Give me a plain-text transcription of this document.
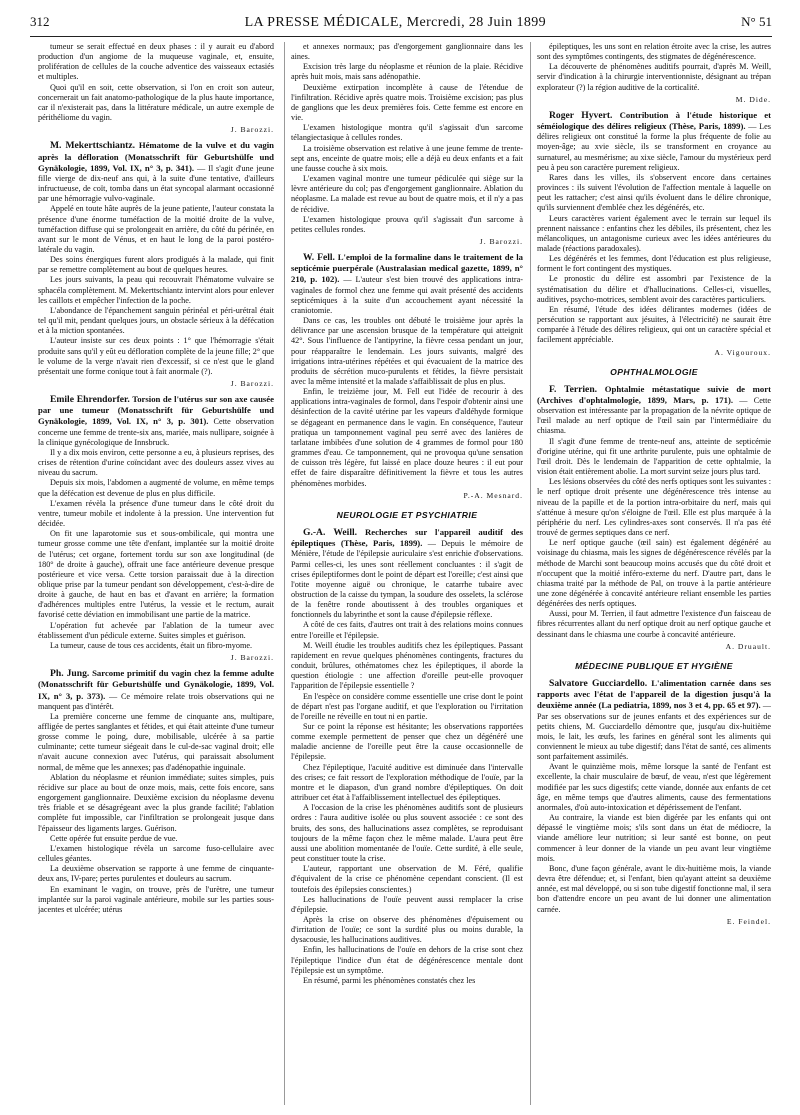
312	LA PRESSE MÉDICALE, Mercredi, 28 Juin 1899	N° 51

tumeur se serait effectué en deux phases : il y aurait eu d'abord production d'un angiome de la muqueuse vaginale, et, ensuite, prolifération de cellules de la couche adventice des vaisseaux ectasiés et multiples.

Quoi qu'il en soit, cette observation, si l'on en croit son auteur, concernerait un fait anatomo-pathologique de la plus haute importance, car il n'existerait pas, dans la littérature médicale, un autre exemple de périthéliome du vagin.

J. Barozzi.

M. Mekerttschiantz. Hématome de la vulve et du vagin après la défloration (Monatsschrift für Geburtshülfe und Gynäkologie, 1899, Vol. IX, n° 3, p. 341). — Il s'agit d'une jeune fille vierge de dix-neuf ans qui, à la suite d'une tentative, d'ailleurs infructueuse, de coït, tomba dans un état syncopal alarmant occasionné par une hémorragie vulvo-vaginale.

Appelé en toute hâte auprès de la jeune patiente, l'auteur constata la présence d'une énorme tuméfaction de la moitié droite de la vulve, tuméfaction diffuse qui se prolongeait en arrière, du côté du périnée, en avant sur le mont de Vénus, et en haut le long de la paroi postéro-latérale du vagin.

Des soins énergiques furent alors prodigués à la malade, qui finit par se remettre complètement au bout de quelques heures.

Les jours suivants, la peau qui recouvrait l'hématome vulvaire se sphacéla complètement. M. Mekerttschiantz intervint alors pour enlever les caillots et empêcher l'infection de la poche.

L'abondance de l'épanchement sanguin périnéal et péri-urétral était tel qu'il mit, pendant quelques jours, un obstacle sérieux à la défécation et à la miction spontanées.

L'auteur insiste sur ces deux points : 1° que l'hémorragie s'était produite sans qu'il y eût eu défloration complète de la jeune fille; 2° que le volume de la verge n'avait rien d'excessif, si ce n'est que le gland présentait une forme conique tout à fait anormale (?).

J. Barozzi.

Emile Ehrendorfer. Torsion de l'utérus sur son axe causée par une tumeur (Monatsschrift für Geburtshülfe und Gynäkologie, 1899, Vol. IX, n° 3, p. 301). Cette observation concerne une femme de trente-six ans, mariée, mais nullipare, soignée à la clinique gynécologique de Innsbruck.

Il y a dix mois environ, cette personne a eu, à plusieurs reprises, des crises de rétention d'urine coïncidant avec des douleurs assez vives au niveau du sacrum.

Depuis six mois, l'abdomen a augmenté de volume, en même temps que la défécation est devenue de plus en plus difficile.

L'examen révèla la présence d'une tumeur dans le côté droit du ventre, tumeur mobile et indolente à la pression. Une intervention fut décidée.

On fit une laparotomie sus et sous-ombilicale, qui montra une tumeur grosse comme une tête d'enfant, implantée sur la moitié droite de l'utérus; cet organe, fortement tordu sur son axe longitudinal (de 180° de droite à gauche), offrait une face antérieure devenue presque postérieure et vice versa. Cette torsion paraissait due à la direction oblique prise par la tumeur pendant son développement, c'est-à-dire de droite à gauche, de haut en bas et d'avant en arrière; la formation d'adhérences multiples entre l'utérus, la vessie et le rectum, aurait favorisé cette déviation en immobilisant une partie de la matrice.

L'opération fut achevée par l'ablation de la tumeur avec établissement d'un pédicule externe. Suites simples et guérison.

La tumeur, cause de tous ces accidents, était un fibro-myome.

J. Barozzi.

Ph. Jung. Sarcome primitif du vagin chez la femme adulte (Monatsschrift für Geburtshülfe und Gynäkologie, 1899, Vol. IX, n° 3, p. 373). — Ce mémoire relate trois observations qui ne manquent pas d'intérêt.

La première concerne une femme de cinquante ans, multipare, affligée de pertes sanglantes et fétides, et qui était atteinte d'une tumeur grosse comme le poing, dure, mobilisable, ulcérée à sa partie culminante; cette tumeur siégeait dans le cul-de-sac vaginal droit; elle n'avait aucune connexion avec l'utérus, qui paraissait absolument normal, de même que les annexes; pas d'adénopathie inguinale.

Ablation du néoplasme et réunion immédiate; suites simples, puis récidive sur place au bout de onze mois, mais, cette fois encore, sans engorgement ganglionnaire. Deuxième excision du néoplasme devenu très friable et se désagrégeant avec la plus grande facilité; l'ablation complète fut impossible, car l'infiltration se prolongeait jusque dans l'épaisseur des ligaments larges. Guérison.

Cette opérée fut ensuite perdue de vue.

L'examen histologique révèla un sarcome fuso-cellulaire avec cellules géantes.

La deuxième observation se rapporte à une femme de cinquante-deux ans, IV-pare; pertes purulentes et douleurs au sacrum.

En examinant le vagin, on trouve, près de l'urètre, une tumeur implantée sur la paroi vaginale antérieure, mobile sur les parties sous-jacentes et ulcérée; utérus

et annexes normaux; pas d'engorgement ganglionnaire dans les aines.

Excision très large du néoplasme et réunion de la plaie. Récidive après huit mois, mais sans adénopathie.

Deuxième extirpation incomplète à cause de l'étendue de l'infiltration. Récidive après quatre mois. Troisième excision; pas plus de ganglions que les deux premières fois. Cette femme est encore en vie.

L'examen histologique montra qu'il s'agissait d'un sarcome télangiectasique à cellules rondes.

La troisième observation est relative à une jeune femme de trente-sept ans, enceinte de quatre mois; elle a déjà eu deux enfants et a fait une fausse couche à six mois.

L'examen vaginal montre une tumeur pédiculée qui siège sur la lèvre antérieure du col; pas d'engorgement ganglionnaire. Ablation du néoplasme. La malade est revue au bout de quatre mois, et il n'y a pas de récidive.

L'examen histologique prouva qu'il s'agissait d'un sarcome à petites cellules rondes.

J. Barozzi.

W. Fell. L'emploi de la formaline dans le traitement de la septicémie puerpérale (Australasian medical gazette, 1899, n° 210, p. 102). — L'auteur s'est bien trouvé des applications intra-vaginales de formol chez une femme qui avait présenté des accidents septicémiques à la suite d'un accouchement ayant nécessité la craniotomie.

Dans ce cas, les troubles ont débuté le troisième jour après la délivrance par une ascension brusque de la température qui atteignit 42°. Sous l'influence de l'antipyrine, la fièvre cessa pendant un jour, pour réapparaître le lendemain. Les jours suivants, malgré des irrigations intra-utérines répétées et qui évacuaient de la matrice des produits de sécrétion muco-purulents et fétides, la fièvre persistait avec la même intensité et la malade s'affaiblissait de plus en plus.

Enfin, le treizième jour, M. Fell eut l'idée de recourir à des applications intra-vaginales de formol, dans l'espoir d'obtenir ainsi une désinfection de la cavité utérine par les vapeurs d'aldéhyde formique se dégageant en permanence dans le vagin. En conséquence, l'auteur pratiqua un tamponnement vaginal peu serré avec des lanières de tarlatane imbibées d'une solution de 4 grammes de formol pour 180 grammes d'eau. Ce tamponnement, qui ne provoqua qu'une sensation de cuisson très légère, fut laissé en place douze heures : il eut pour effet de faire disparaître définitivement la fièvre et tous les autres phénomènes morbides.

P.-A. Mesnard.
NEUROLOGIE ET PSYCHIATRIE

G.-A. Weill. Recherches sur l'appareil auditif des épileptiques (Thèse, Paris, 1899). — Depuis le mémoire de Ménière, l'étude de l'épilepsie auriculaire s'est enrichie d'observations. Parmi celles-ci, les unes sont réellement concluantes : il s'agit de crises épileptiformes dont le point de départ est l'oreille; c'est ainsi que l'otite moyenne aiguë ou chronique, le catarrhe tubaire avec obstruction de la caisse du tympan, la soudure des osselets, la sclérose de la fenêtre ronde aboutissent à des troubles organiques et fonctionnels du labyrinthe et sont la cause d'épilepsie réflexe.

A côté de ces faits, d'autres ont trait à des relations moins connues entre l'oreille et l'épilepsie.

M. Weill étudie les troubles auditifs chez les épileptiques. Passant rapidement en revue quelques phénomènes contingents, fractures du conduit, brûlures, othématomes chez les épileptiques, il aborde la question étiologie : une affection d'oreille peut-elle provoquer l'apparition de l'épilepsie essentielle ?

En l'espèce on considère comme essentielle une crise dont le point de départ n'est pas l'organe auditif, et que l'exploration ou l'irritation de l'oreille ne réveille en tout ni en partie.

Sur ce point la réponse est hésitante; les observations rapportées comme exemple permettent de penser que chez un dégénéré une maladie ancienne de l'oreille peut être la cause occasionnelle de l'épilepsie.

Chez l'épileptique, l'acuité auditive est diminuée dans l'intervalle des crises; ce fait ressort de l'exploration méthodique de l'ouïe, par la montre et le diapason, d'un grand nombre d'épileptiques. On doit attribuer cet état à l'affaiblissement intellectuel des épileptiques.

A l'occasion de la crise les phénomènes auditifs sont de plusieurs ordres : l'aura auditive isolée ou plus souvent associée : ce sont des bruits, des sons, des hallucinations assez complètes, se reproduisant toujours de la même façon chez le même malade. L'aura peut être aussi une abolition momentanée de l'ouïe. Cette surdité, à elle seule, peut constituer toute la crise.

L'auteur, rapportant une observation de M. Féré, qualifie d'équivalent de la crise ce phénomène cependant conscient. (Il est toutefois des épilepsies conscientes.)

Les hallucinations de l'ouïe peuvent aussi remplacer la crise d'épilepsie.

Après la crise on observe des phénomènes d'épuisement ou d'irritation de l'ouïe; ce sont la surdité plus ou moins durable, la dysacousie, les hallucinations auditives.

Enfin, les hallucinations de l'ouïe en dehors de la crise sont chez l'épileptique l'indice d'un état de dégénérescence mentale dont l'épilepsie est un symptôme.

En résumé, parmi les phénomènes constatés chez les

épileptiques, les uns sont en relation étroite avec la crise, les autres sont des symptômes contingents, des stigmates de dégénérescence.

La découverte de phénomènes auditifs pourrait, d'après M. Weill, servir d'indication à la chirurgie interventionniste, désignant au trépan explorateur (?) la région auditive de la corticalité.

M. Dide.

Roger Hyvert. Contribution à l'étude historique et séméiologique des délires religieux (Thèse, Paris, 1899). — Les délires religieux ont constitué la forme la plus fréquente de folie au moyen-âge; au xvie siècle, ils se transforment en croyance au surnaturel, au mesmérisme; au xixe siècle, l'amour du mystérieux perd peu à peu son caractère purement religieux.

Rares dans les villes, ils s'observent encore dans certaines provinces : ils suivent l'évolution de l'affection mentale à laquelle on peut les rattacher; c'est ainsi qu'ils évoluent dans le délire chronique, qu'ils surviennent d'emblée chez les dégénérés, etc.

Leurs caractères varient également avec le terrain sur lequel ils prennent naissance : enfantins chez les débiles, ils présentent, chez les mélancoliques, un antagonisme curieux avec les idées antérieures du malade (réactions paradoxales).

Les dégénérés et les femmes, dont l'éducation est plus religieuse, forment le fort contingent des mystiques.

Le pronostic du délire est assombri par l'existence de la systématisation du délire et d'hallucinations. Celles-ci, visuelles, auditives, psycho-motrices, semblent avoir des caractères particuliers.

En résumé, l'étude des idées délirantes modernes (idées de persécution se rapportant aux jésuites, à l'électricité) ne saurait être comparée à l'étude des délires religieux, qui ont un caractère spécial et facilement appréciable.

A. Vigouroux.
OPHTHALMOLOGIE

F. Terrien. Ophtalmie métastatique suivie de mort (Archives d'ophtalmologie, 1899, Mars, p. 171). — Cette observation est intéressante par la propagation de la névrite optique de l'œil malade au nerf optique de l'œil sain par l'intermédiaire du chiasma.

Il s'agit d'une femme de trente-neuf ans, atteinte de septicémie d'origine utérine, qui fit une arthrite purulente, puis une ophtalmie de l'œil droit. Dès le lendemain de l'apparition de cette ophtalmie, la vision était entièrement abolie. La mort survint seize jours plus tard.

Les lésions observées du côté des nerfs optiques sont les suivantes : le nerf optique droit présente une dégénérescence très intense au niveau de la papille et de la portion intra-orbitaire du nerf, mais qui s'atténue à mesure qu'on s'éloigne de l'œil. Elle est plus marquée à la périphérie du nerf. Les cylindres-axes sont conservés. Il n'a pas été trouvé de germes septiques dans ce nerf.

Le nerf optique gauche (œil sain) est également dégénéré au voisinage du chiasma, mais les signes de dégénérescence révélés par la méthode de Marchi sont beaucoup moins accusés que du côté droit et n'occupent que la moitié inféro-externe du nerf. D'autre part, dans le chiasma traité par la méthode de Pal, on trouve à la partie antérieure une zone dégénérée à concavité antérieure reliant ensemble les parties dégénérées des nerfs optiques.

Aussi, pour M. Terrien, il faut admettre l'existence d'un faisceau de fibres récurrentes allant du nerf optique droit au nerf optique gauche et dessinant dans le chiasma une courbe à concavité antérieure.

A. Druault.
MÉDECINE PUBLIQUE ET HYGIÈNE

Salvatore Gucciardello. L'alimentation carnée dans ses rapports avec l'état de l'appareil de la digestion jusqu'à la deuxième année (La pediatria, 1899, nos 3 et 4, pp. 65 et 97). — Par ses observations sur de jeunes enfants et des expériences sur de petits chiens, M. Gucciardello démontre que, jusqu'au dix-huitième mois, le lait, les œufs, les farines en général sont les aliments qui conviennent le mieux au tube digestif; dans l'état de santé, ces aliments sont parfaitement assimilés.

Avant le quinzième mois, même lorsque la santé de l'enfant est excellente, la chair musculaire de bœuf, de veau, n'est que légèrement modifiée par les sucs digestifs; cette viande, donnée aux enfants de cet âge, en même temps que d'autres aliments, cause des fermentations anormales, d'où auto-intoxication et dépérissement de l'enfant.

Au contraire, la viande est bien digérée par les enfants qui ont dépassé le vingtième mois; s'ils sont dans un état de médiocre, la viande améliore leur nutrition; si leur santé est bonne, on peut commencer à leur donner de la viande un peu avant leur vingtième mois.

Bonc, d'une façon générale, avant le dix-huitième mois, la viande devra être défendue; et, si l'enfant, bien qu'ayant atteint sa deuxième année, est mal développé, ou si son tube digestif fonctionne mal, il sera bon d'attendre encore un peu avant de lui donner une alimentation carnée.

E. Feindel.
